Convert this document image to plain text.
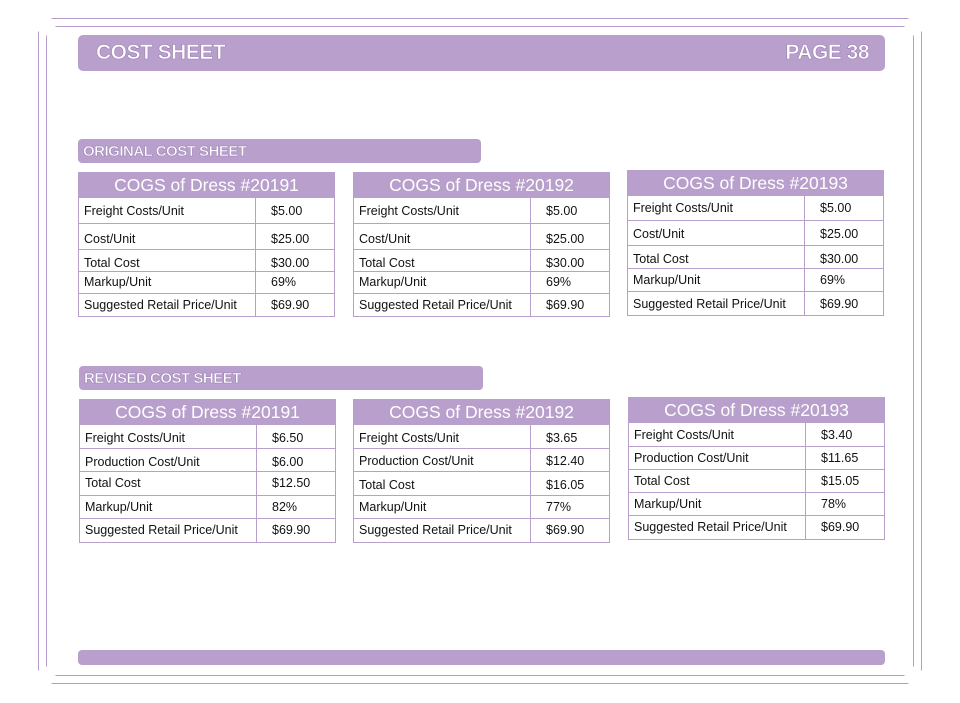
COST SHEET	PAGE 38
ORIGINAL COST SHEET
COGS of Dress #20191
Freight Costs/Unit	$5.00
Cost/Unit	$25.00
Total Cost	$30.00
Markup/Unit	69%
Suggested Retail Price/Unit	$69.90
COGS of Dress #20192
Freight Costs/Unit	$5.00
Cost/Unit	$25.00
Total Cost	$30.00
Markup/Unit	69%
Suggested Retail Price/Unit	$69.90
COGS of Dress #20193
Freight Costs/Unit	$5.00
Cost/Unit	$25.00
Total Cost	$30.00
Markup/Unit	69%
Suggested Retail Price/Unit	$69.90
REVISED COST SHEET
COGS of Dress #20191
Freight Costs/Unit	$6.50
Production Cost/Unit	$6.00
Total Cost	$12.50
Markup/Unit	82%
Suggested Retail Price/Unit	$69.90
COGS of Dress #20192
Freight Costs/Unit	$3.65
Production Cost/Unit	$12.40
Total Cost	$16.05
Markup/Unit	77%
Suggested Retail Price/Unit	$69.90
COGS of Dress #20193
Freight Costs/Unit	$3.40
Production Cost/Unit	$11.65
Total Cost	$15.05
Markup/Unit	78%
Suggested Retail Price/Unit	$69.90
